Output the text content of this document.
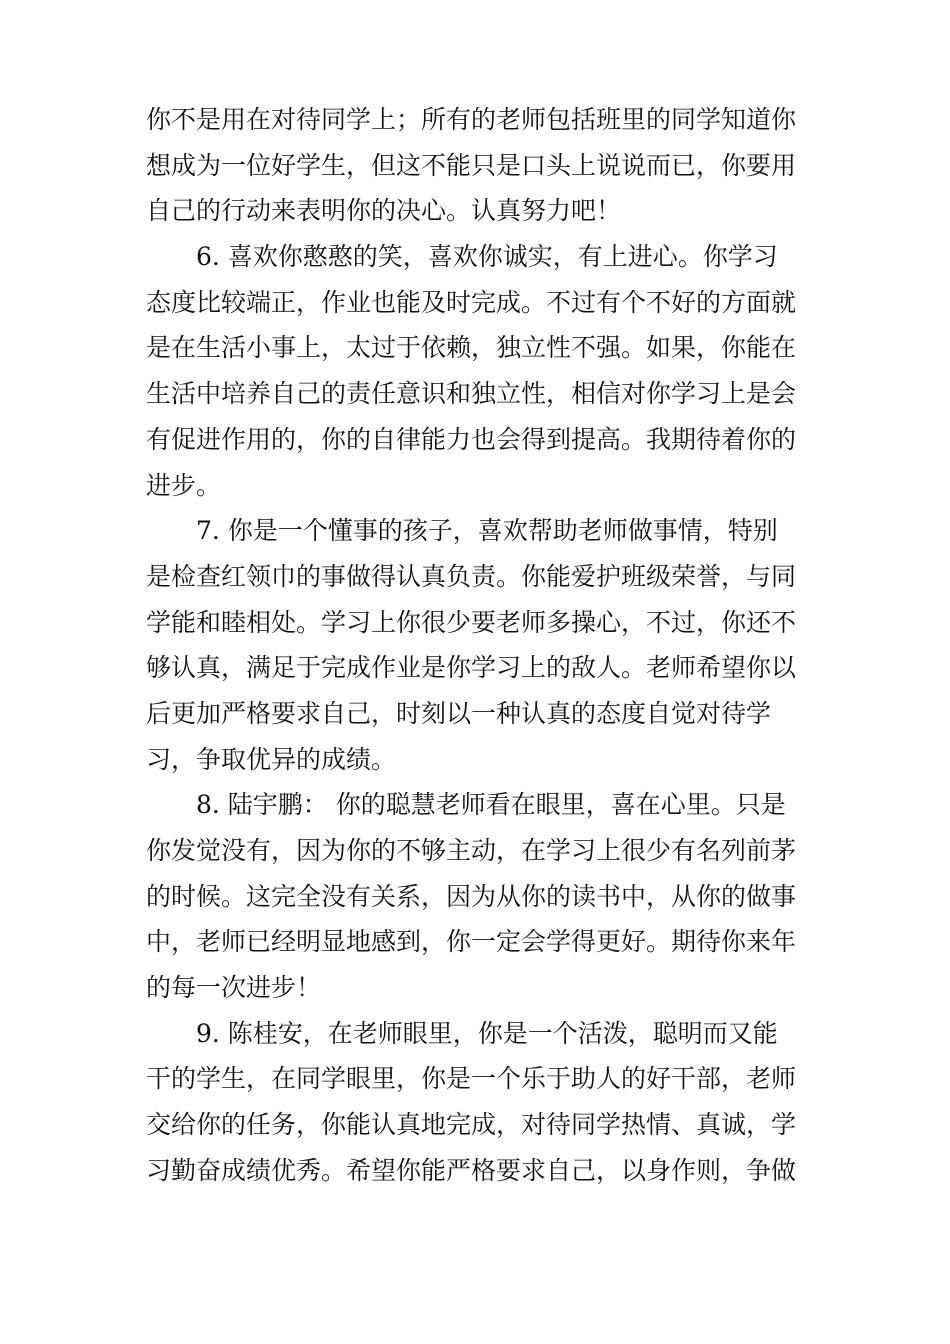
你不是用在对待同学上；所有的老师包括班里的同学知道你
想成为一位好学生，但这不能只是口头上说说而已，你要用
自己的行动来表明你的决心。认真努力吧！
6. 喜欢你憨憨的笑，喜欢你诚实，有上进心。你学习
态度比较端正，作业也能及时完成。不过有个不好的方面就
是在生活小事上，太过于依赖，独立性不强。如果，你能在
生活中培养自己的责任意识和独立性，相信对你学习上是会
有促进作用的，你的自律能力也会得到提高。我期待着你的
进步。
7. 你是一个懂事的孩子，喜欢帮助老师做事情，特别
是检查红领巾的事做得认真负责。你能爱护班级荣誉，与同
学能和睦相处。学习上你很少要老师多操心，不过，你还不
够认真，满足于完成作业是你学习上的敌人。老师希望你以
后更加严格要求自己，时刻以一种认真的态度自觉对待学
习，争取优异的成绩。
8. 陆宇鹏： 你的聪慧老师看在眼里，喜在心里。只是
你发觉没有，因为你的不够主动，在学习上很少有名列前茅
的时候。这完全没有关系，因为从你的读书中，从你的做事
中，老师已经明显地感到，你一定会学得更好。期待你来年
的每一次进步！
9. 陈桂安，在老师眼里，你是一个活泼，聪明而又能
干的学生，在同学眼里，你是一个乐于助人的好干部，老师
交给你的任务，你能认真地完成，对待同学热情、真诚，学
习勤奋成绩优秀。希望你能严格要求自己，以身作则，争做
